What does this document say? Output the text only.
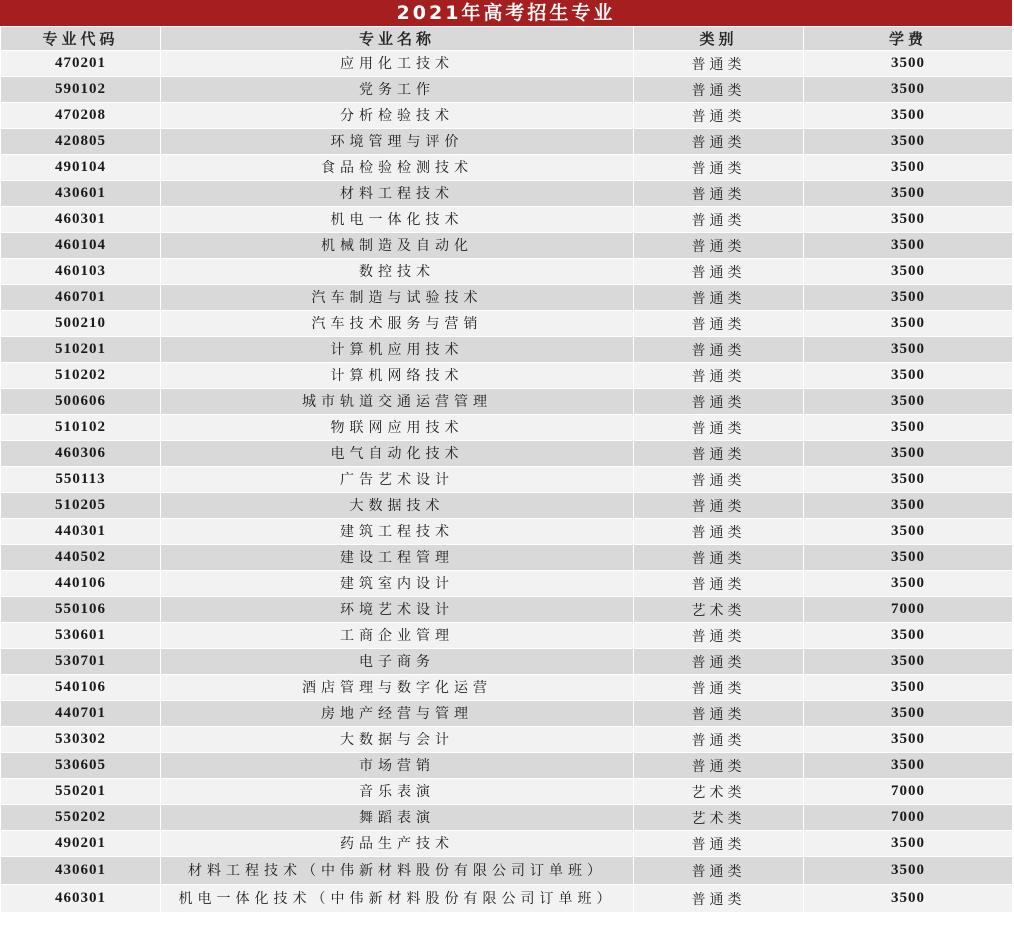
2021年高考招生专业
专业代码	专业名称	类别	学费
470201	应用化工技术	普通类	3500
590102	党务工作	普通类	3500
470208	分析检验技术	普通类	3500
420805	环境管理与评价	普通类	3500
490104	食品检验检测技术	普通类	3500
430601	材料工程技术	普通类	3500
460301	机电一体化技术	普通类	3500
460104	机械制造及自动化	普通类	3500
460103	数控技术	普通类	3500
460701	汽车制造与试验技术	普通类	3500
500210	汽车技术服务与营销	普通类	3500
510201	计算机应用技术	普通类	3500
510202	计算机网络技术	普通类	3500
500606	城市轨道交通运营管理	普通类	3500
510102	物联网应用技术	普通类	3500
460306	电气自动化技术	普通类	3500
550113	广告艺术设计	普通类	3500
510205	大数据技术	普通类	3500
440301	建筑工程技术	普通类	3500
440502	建设工程管理	普通类	3500
440106	建筑室内设计	普通类	3500
550106	环境艺术设计	艺术类	7000
530601	工商企业管理	普通类	3500
530701	电子商务	普通类	3500
540106	酒店管理与数字化运营	普通类	3500
440701	房地产经营与管理	普通类	3500
530302	大数据与会计	普通类	3500
530605	市场营销	普通类	3500
550201	音乐表演	艺术类	7000
550202	舞蹈表演	艺术类	7000
490201	药品生产技术	普通类	3500
430601	材料工程技术（中伟新材料股份有限公司订单班）	普通类	3500
460301	机电一体化技术（中伟新材料股份有限公司订单班）	普通类	3500
